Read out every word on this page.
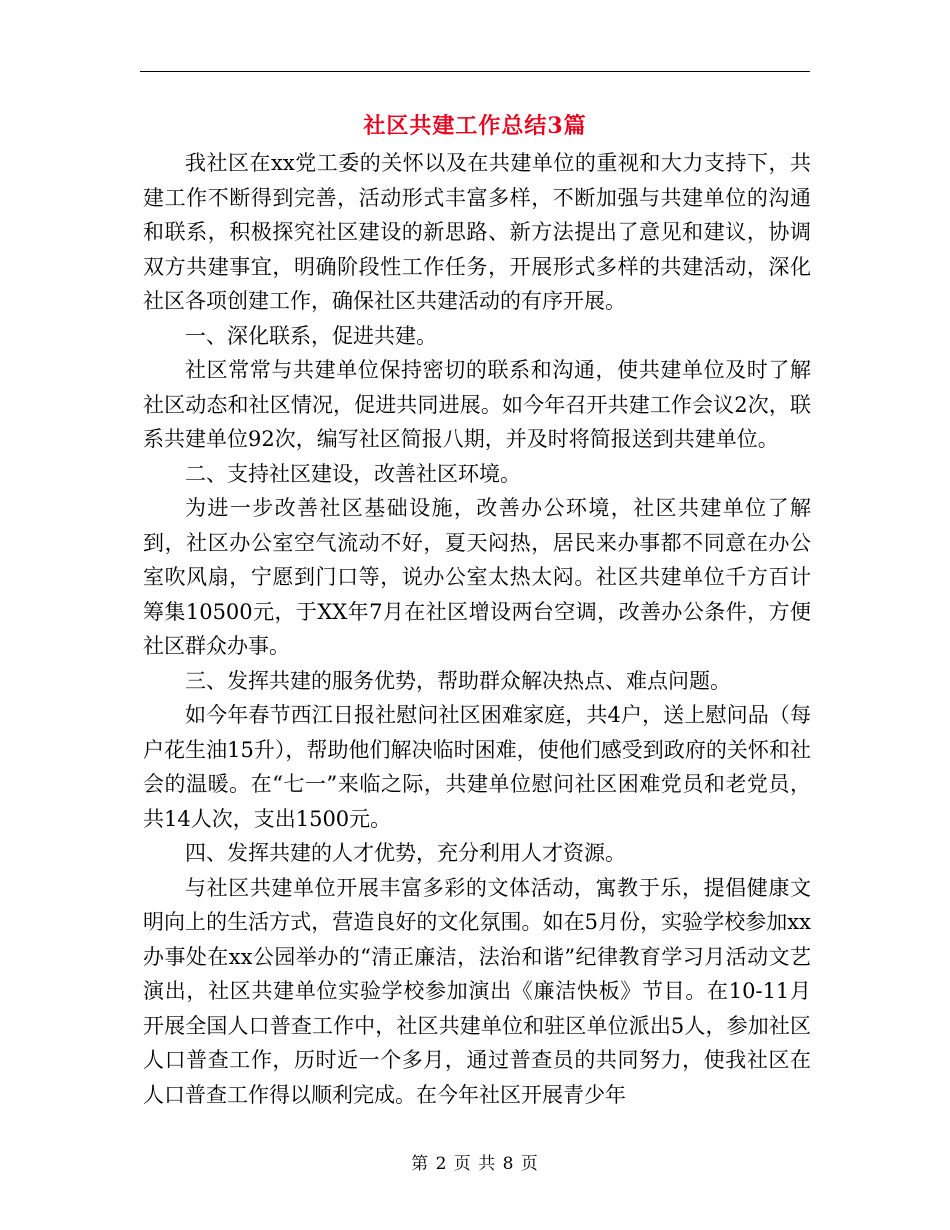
社区共建工作总结3篇

我社区在xx党工委的关怀以及在共建单位的重视和大力支持下，共建工作不断得到完善，活动形式丰富多样，不断加强与共建单位的沟通和联系，积极探究社区建设的新思路、新方法提出了意见和建议，协调双方共建事宜，明确阶段性工作任务，开展形式多样的共建活动，深化社区各项创建工作，确保社区共建活动的有序开展。

一、深化联系，促进共建。

社区常常与共建单位保持密切的联系和沟通，使共建单位及时了解社区动态和社区情况，促进共同进展。如今年召开共建工作会议2次，联系共建单位92次，编写社区简报八期，并及时将简报送到共建单位。

二、支持社区建设，改善社区环境。

为进一步改善社区基础设施，改善办公环境，社区共建单位了解到，社区办公室空气流动不好，夏天闷热，居民来办事都不同意在办公室吹风扇，宁愿到门口等，说办公室太热太闷。社区共建单位千方百计筹集10500元，于XX年7月在社区增设两台空调，改善办公条件，方便社区群众办事。

三、发挥共建的服务优势，帮助群众解决热点、难点问题。

如今年春节西江日报社慰问社区困难家庭，共4户，送上慰问品（每户花生油15升），帮助他们解决临时困难，使他们感受到政府的关怀和社会的温暖。在“七一”来临之际，共建单位慰问社区困难党员和老党员，共14人次，支出1500元。

四、发挥共建的人才优势，充分利用人才资源。

与社区共建单位开展丰富多彩的文体活动，寓教于乐，提倡健康文明向上的生活方式，营造良好的文化氛围。如在5月份，实验学校参加xx办事处在xx公园举办的“清正廉洁，法治和谐”纪律教育学习月活动文艺演出，社区共建单位实验学校参加演出《廉洁快板》节目。在10-11月开展全国人口普查工作中，社区共建单位和驻区单位派出5人，参加社区人口普查工作，历时近一个多月，通过普查员的共同努力，使我社区在人口普查工作得以顺利完成。在今年社区开展青少年

第 2 页 共 8 页
